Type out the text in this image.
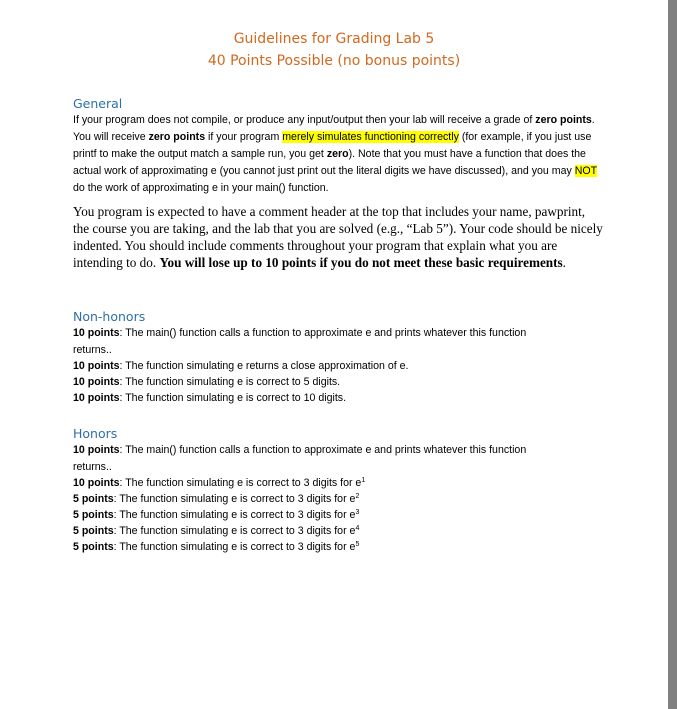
Guidelines for Grading Lab 5
40 Points Possible (no bonus points)
General
If your program does not compile, or produce any input/output then your lab will receive a grade of zero points. You will receive zero points if your program merely simulates functioning correctly (for example, if you just use printf to make the output match a sample run, you get zero). Note that you must have a function that does the actual work of approximating e (you cannot just print out the literal digits we have discussed), and you may NOT do the work of approximating e in your main() function.
You program is expected to have a comment header at the top that includes your name, pawprint, the course you are taking, and the lab that you are solved (e.g., “Lab 5”). Your code should be nicely indented. You should include comments throughout your program that explain what you are intending to do. You will lose up to 10 points if you do not meet these basic requirements.
Non-honors
10 points: The main() function calls a function to approximate e and prints whatever this function
returns..
10 points: The function simulating e returns a close approximation of e.
10 points: The function simulating e is correct to 5 digits.
10 points: The function simulating e is correct to 10 digits.
Honors
10 points: The main() function calls a function to approximate e and prints whatever this function
returns..
10 points: The function simulating e is correct to 3 digits for $e^1$
5 points: The function simulating e is correct to 3 digits for $e^2$
5 points: The function simulating e is correct to 3 digits for $e^3$
5 points: The function simulating e is correct to 3 digits for $e^4$
5 points: The function simulating e is correct to 3 digits for $e^5$
